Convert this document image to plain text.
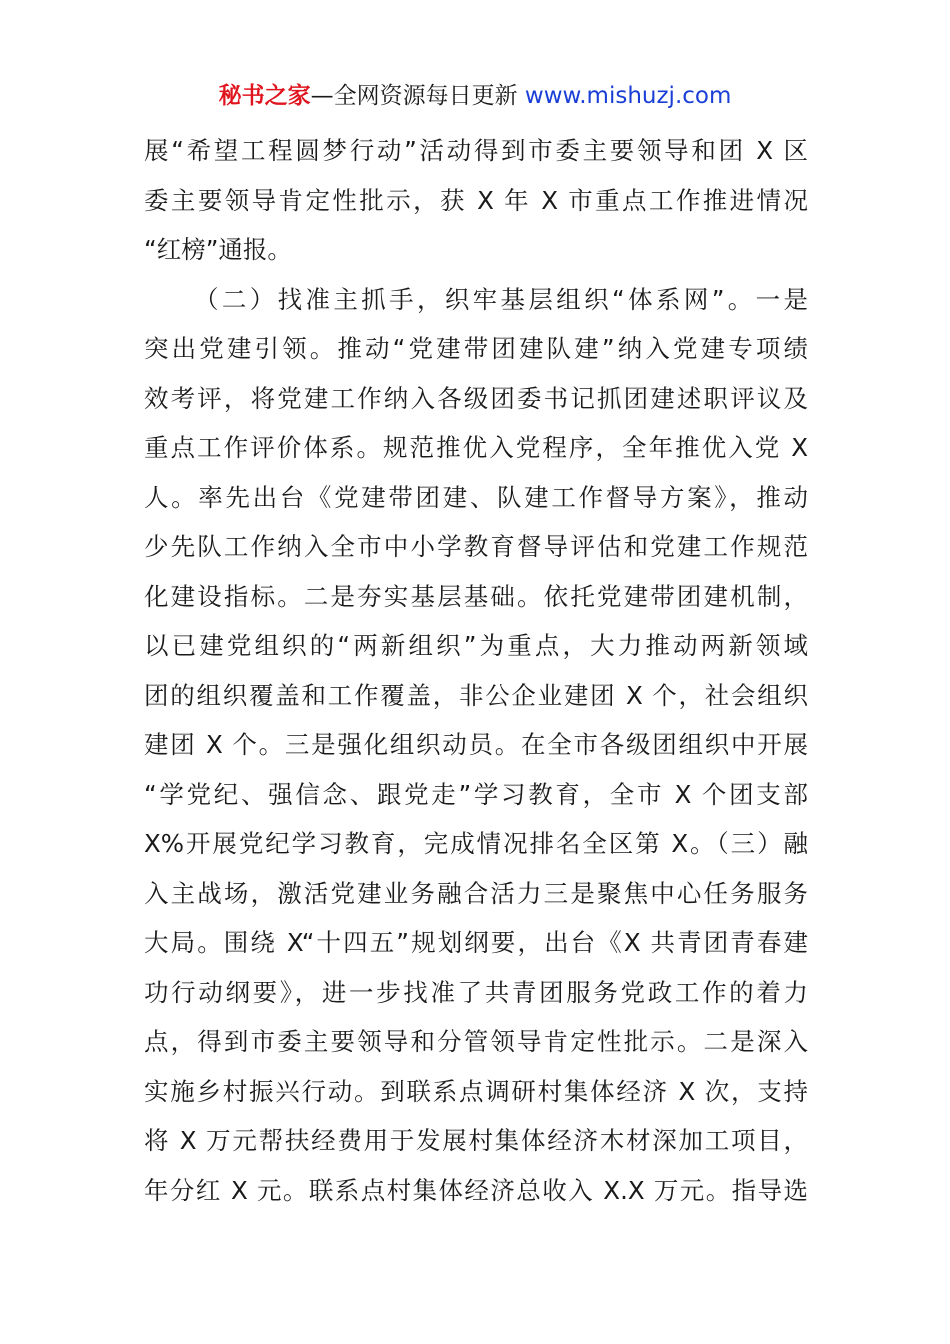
秘书之家—全网资源每日更新 www.mishuzj.com
展“希望工程圆梦行动”活动得到市委主要领导和团 X 区
委主要领导肯定性批示，获 X 年 X 市重点工作推进情况
“红榜”通报。
（二）找准主抓手，织牢基层组织“体系网”。一是
突出党建引领。推动“党建带团建队建”纳入党建专项绩
效考评，将党建工作纳入各级团委书记抓团建述职评议及
重点工作评价体系。规范推优入党程序，全年推优入党 X
人。率先出台《党建带团建、队建工作督导方案》，推动
少先队工作纳入全市中小学教育督导评估和党建工作规范
化建设指标。二是夯实基层基础。依托党建带团建机制，
以已建党组织的“两新组织”为重点，大力推动两新领域
团的组织覆盖和工作覆盖，非公企业建团 X 个，社会组织
建团 X 个。三是强化组织动员。在全市各级团组织中开展
“学党纪、强信念、跟党走”学习教育，全市 X 个团支部
X%开展党纪学习教育，完成情况排名全区第 X。（三）融
入主战场，激活党建业务融合活力三是聚焦中心任务服务
大局。围绕 X“十四五”规划纲要，出台《X 共青团青春建
功行动纲要》，进一步找准了共青团服务党政工作的着力
点，得到市委主要领导和分管领导肯定性批示。二是深入
实施乡村振兴行动。到联系点调研村集体经济 X 次，支持
将 X 万元帮扶经费用于发展村集体经济木材深加工项目，
年分红 X 元。联系点村集体经济总收入 X.X 万元。指导选
